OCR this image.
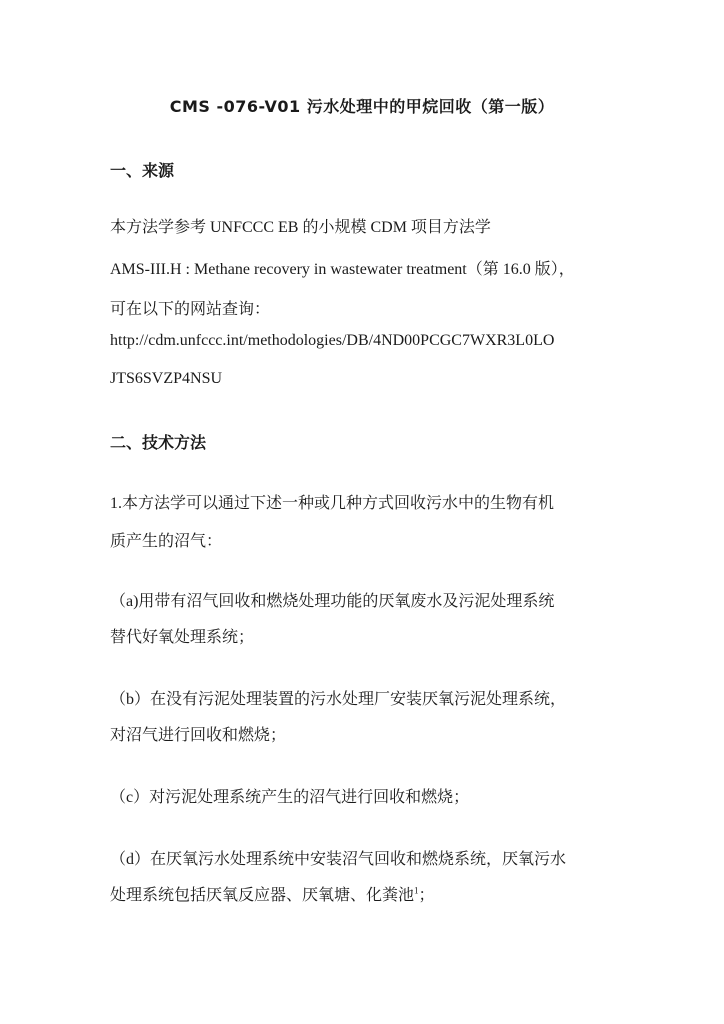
CMS -076-V01 污水处理中的甲烷回收（第一版）
一、来源
本方法学参考 UNFCCC EB 的小规模 CDM 项目方法学
AMS-III.H : Methane recovery in wastewater treatment（第 16.0 版），
可在以下的网站查询：
http://cdm.unfccc.int/methodologies/DB/4ND00PCGC7WXR3L0LO
JTS6SVZP4NSU
二、技术方法
1.本方法学可以通过下述一种或几种方式回收污水中的生物有机
质产生的沼气：
（a)用带有沼气回收和燃烧处理功能的厌氧废水及污泥处理系统
替代好氧处理系统；
（b）在没有污泥处理装置的污水处理厂安装厌氧污泥处理系统，
对沼气进行回收和燃烧；
（c）对污泥处理系统产生的沼气进行回收和燃烧；
（d）在厌氧污水处理系统中安装沼气回收和燃烧系统，厌氧污水
处理系统包括厌氧反应器、厌氧塘、化粪池$^1$；
